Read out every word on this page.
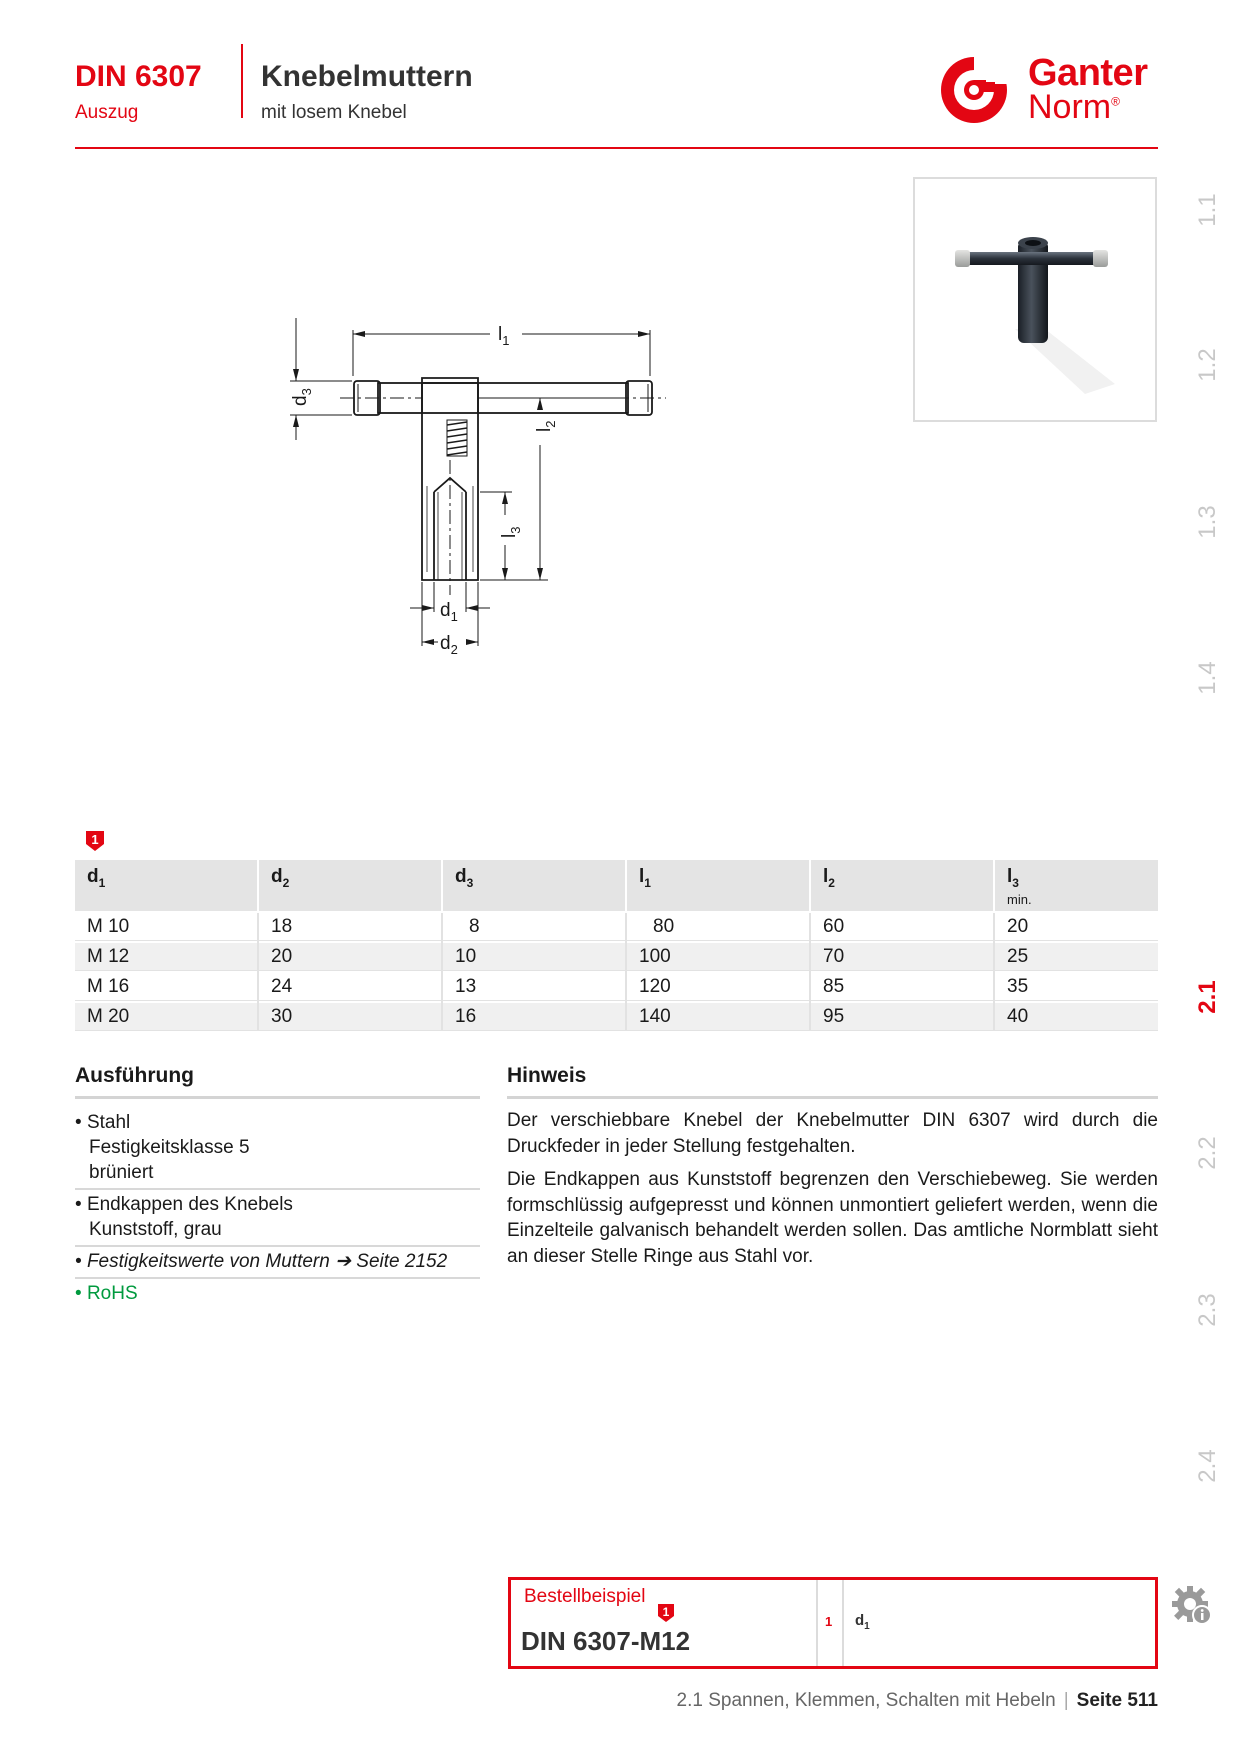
DIN 6307
Auszug
Knebelmuttern
mit losem Knebel
Ganter
Norm®
1.1
1.2
1.3
1.4
2.1
2.2
2.3
2.4
$l_1$
$d_3$
$l_2$
$l_3$
$d_1$
$d_2$
1
$d_1$	$d_2$	$d_3$	$l_1$	$l_2$	$l_3$
min.

M 10	18	8	80	60	20
M 12	20	10	100	70	25
M 16	24	13	120	85	35
M 20	30	16	140	95	40
Ausführung
• Stahl
Festigkeitsklasse 5
brüniert
• Endkappen des Knebels
Kunststoff, grau
• Festigkeitswerte von Muttern ➔ Seite 2152
• RoHS
Hinweis

Der verschiebbare Knebel der Knebelmutter DIN 6307 wird durch die Druckfeder in jeder Stellung festgehalten.

Die Endkappen aus Kunststoff begrenzen den Verschiebeweg. Sie werden formschlüssig aufgepresst und können unmontiert geliefert werden, wenn die Einzelteile galvanisch behandelt werden sollen. Das amtliche Normblatt sieht an dieser Stelle Ringe aus Stahl vor.

Bestellbeispiel
1
DIN 6307-M12
1 $d_1$
2.1 Spannen, Klemmen, Schalten mit Hebeln | Seite 511
